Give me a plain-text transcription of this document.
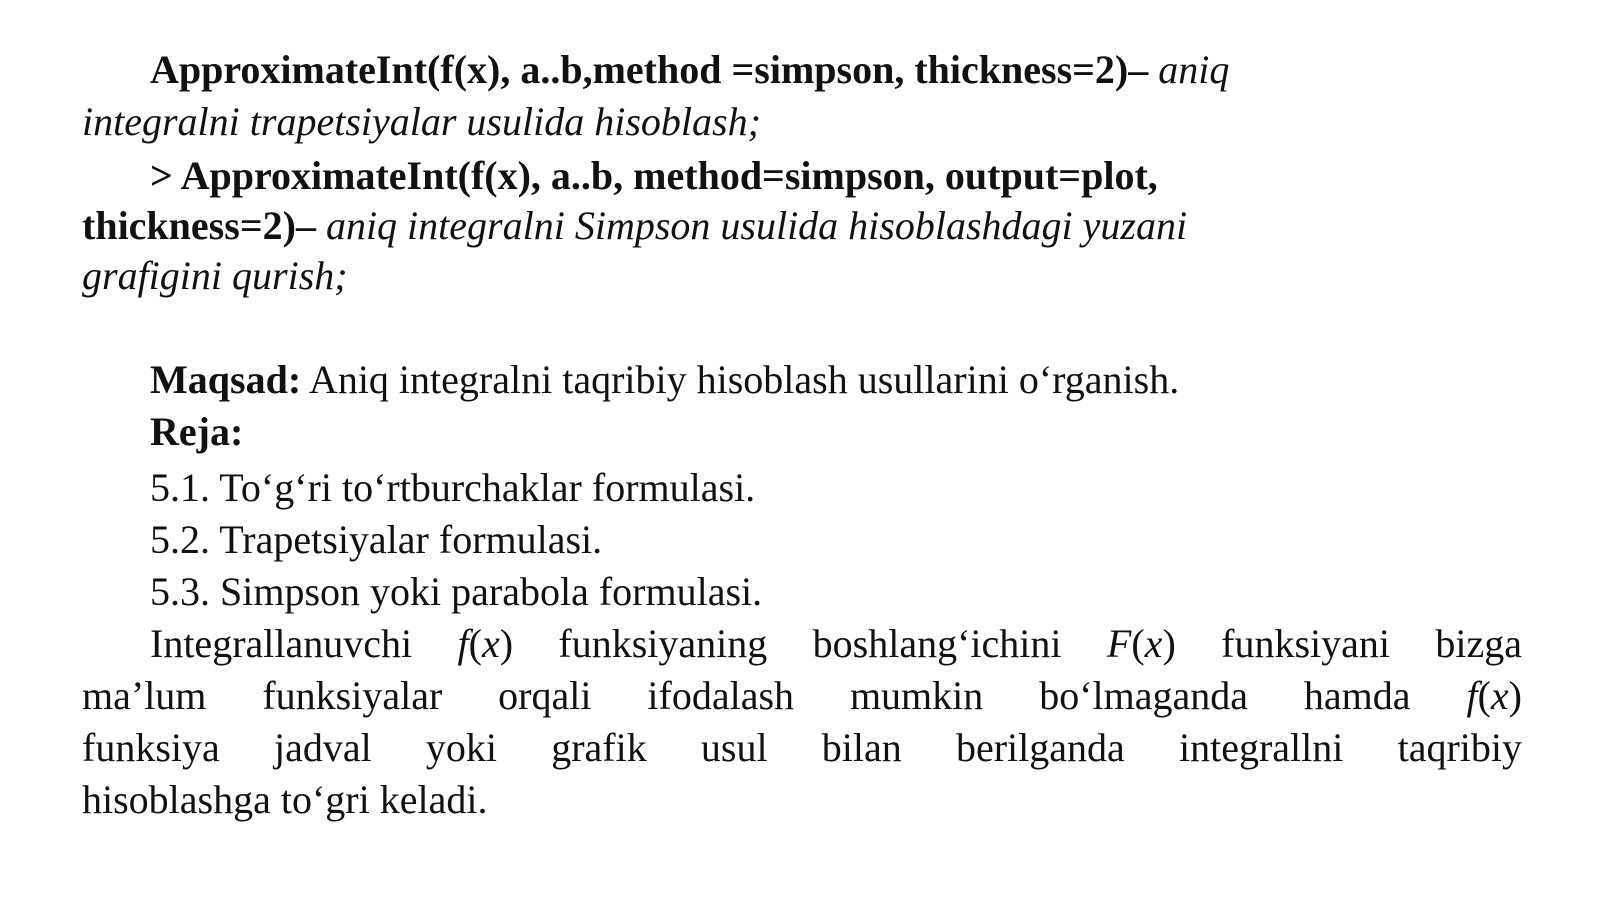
ApproximateInt(f(x), a..b,method =simpson, thickness=2)– aniq
integralni trapetsiyalar usulida hisoblash;
> ApproximateInt(f(x), a..b, method=simpson, output=plot,
thickness=2)– aniq integralni Simpson usulida hisoblashdagi yuzani
grafigini qurish;
Maqsad: Aniq integralni taqribiy hisoblash usullarini o‘rganish.
Reja:
5.1. To‘g‘ri to‘rtburchaklar formulasi.
5.2. Trapetsiyalar formulasi.
5.3. Simpson yoki parabola formulasi.
Integrallanuvchi f(x) funksiyaning boshlang‘ichini F(x) funksiyani bizga
ma’lum funksiyalar orqali ifodalash mumkin bo‘lmaganda hamda f(x)
funksiya jadval yoki grafik usul bilan berilganda integrallni taqribiy
hisoblashga to‘gri keladi.
